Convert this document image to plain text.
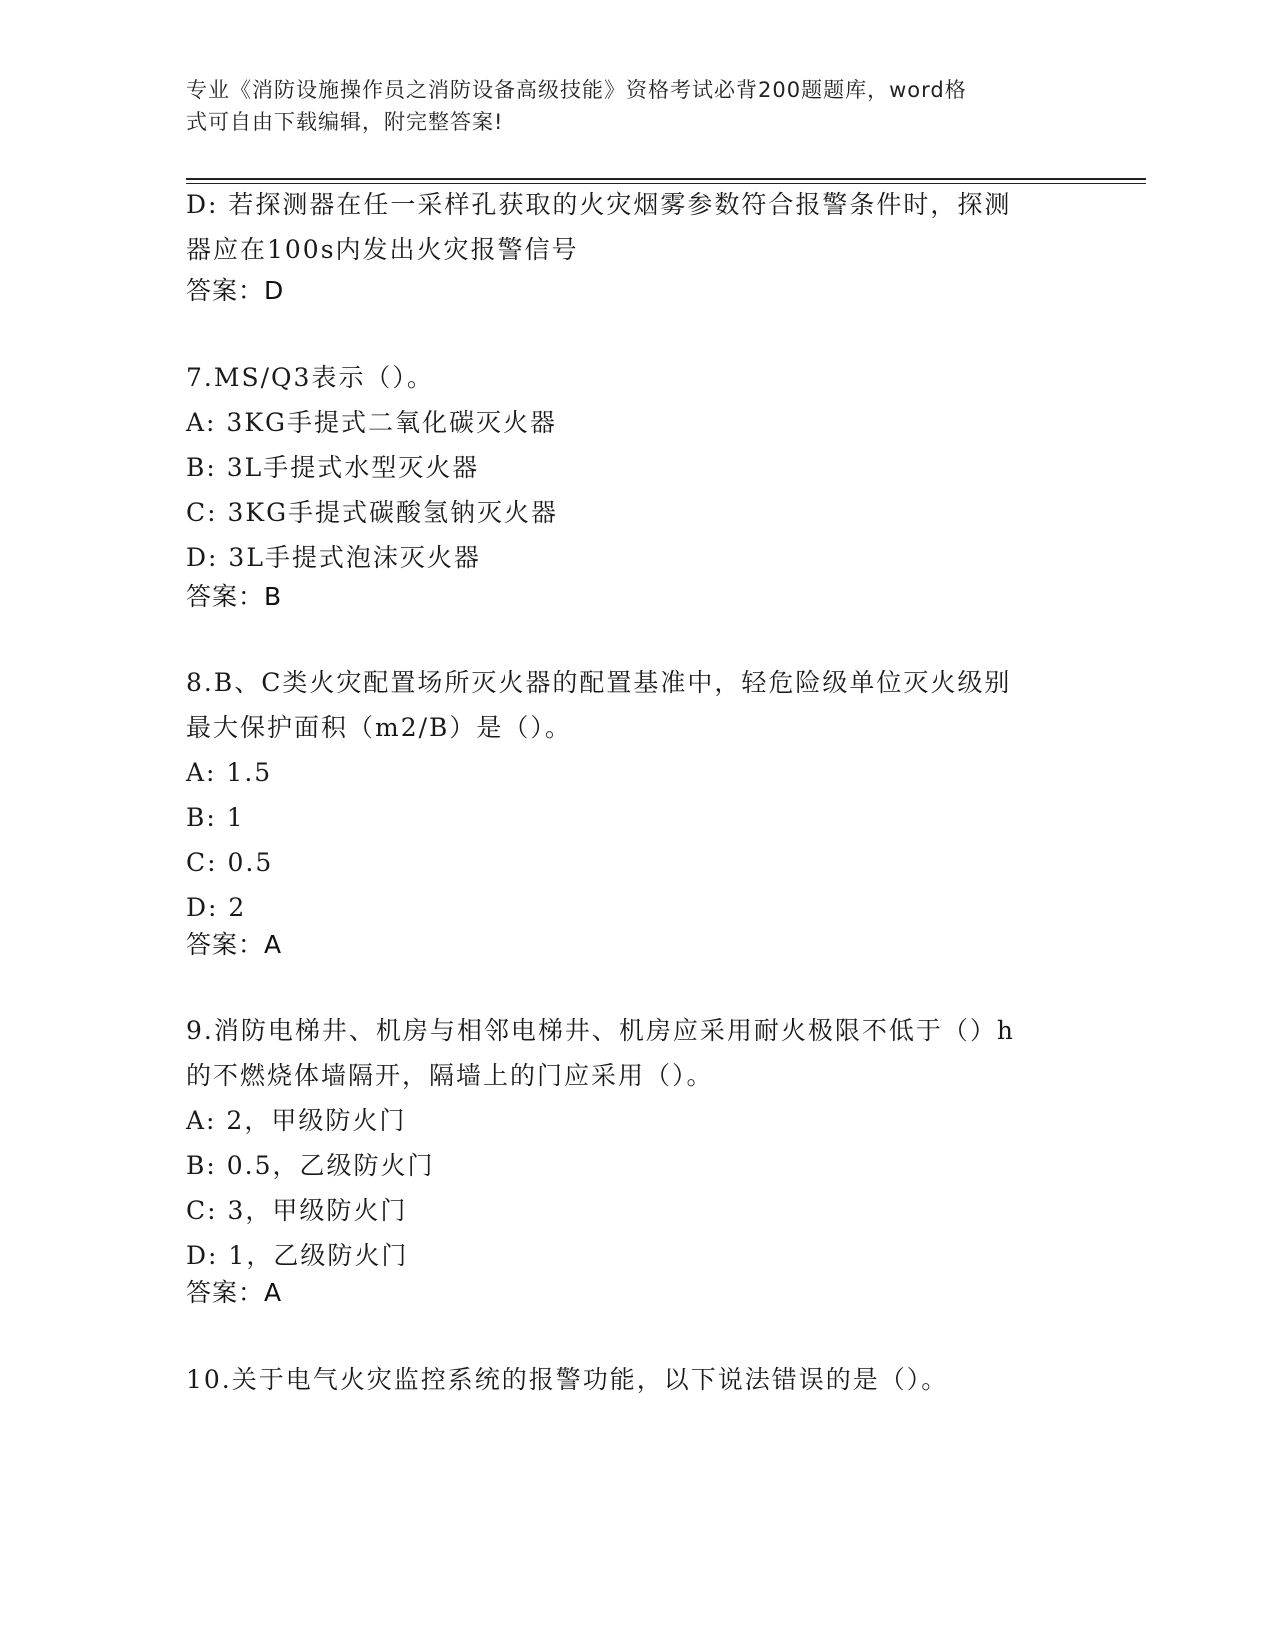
专业《消防设施操作员之消防设备高级技能》资格考试必背200题题库，word格
式可自由下载编辑，附完整答案!
D: 若探测器在任一采样孔获取的火灾烟雾参数符合报警条件时，探测
器应在100s内发出火灾报警信号
答案：D
7.MS/Q3表示（）。
A: 3KG手提式二氧化碳灭火器
B: 3L手提式水型灭火器
C: 3KG手提式碳酸氢钠灭火器
D: 3L手提式泡沫灭火器
答案：B
8.B、C类火灾配置场所灭火器的配置基准中，轻危险级单位灭火级别
最大保护面积（m2/B）是（）。
A: 1.5
B: 1
C: 0.5
D: 2
答案：A
9.消防电梯井、机房与相邻电梯井、机房应采用耐火极限不低于（）h
的不燃烧体墙隔开，隔墙上的门应采用（）。
A: 2，甲级防火门
B: 0.5，乙级防火门
C: 3，甲级防火门
D: 1，乙级防火门
答案：A
10.关于电气火灾监控系统的报警功能，以下说法错误的是（）。
